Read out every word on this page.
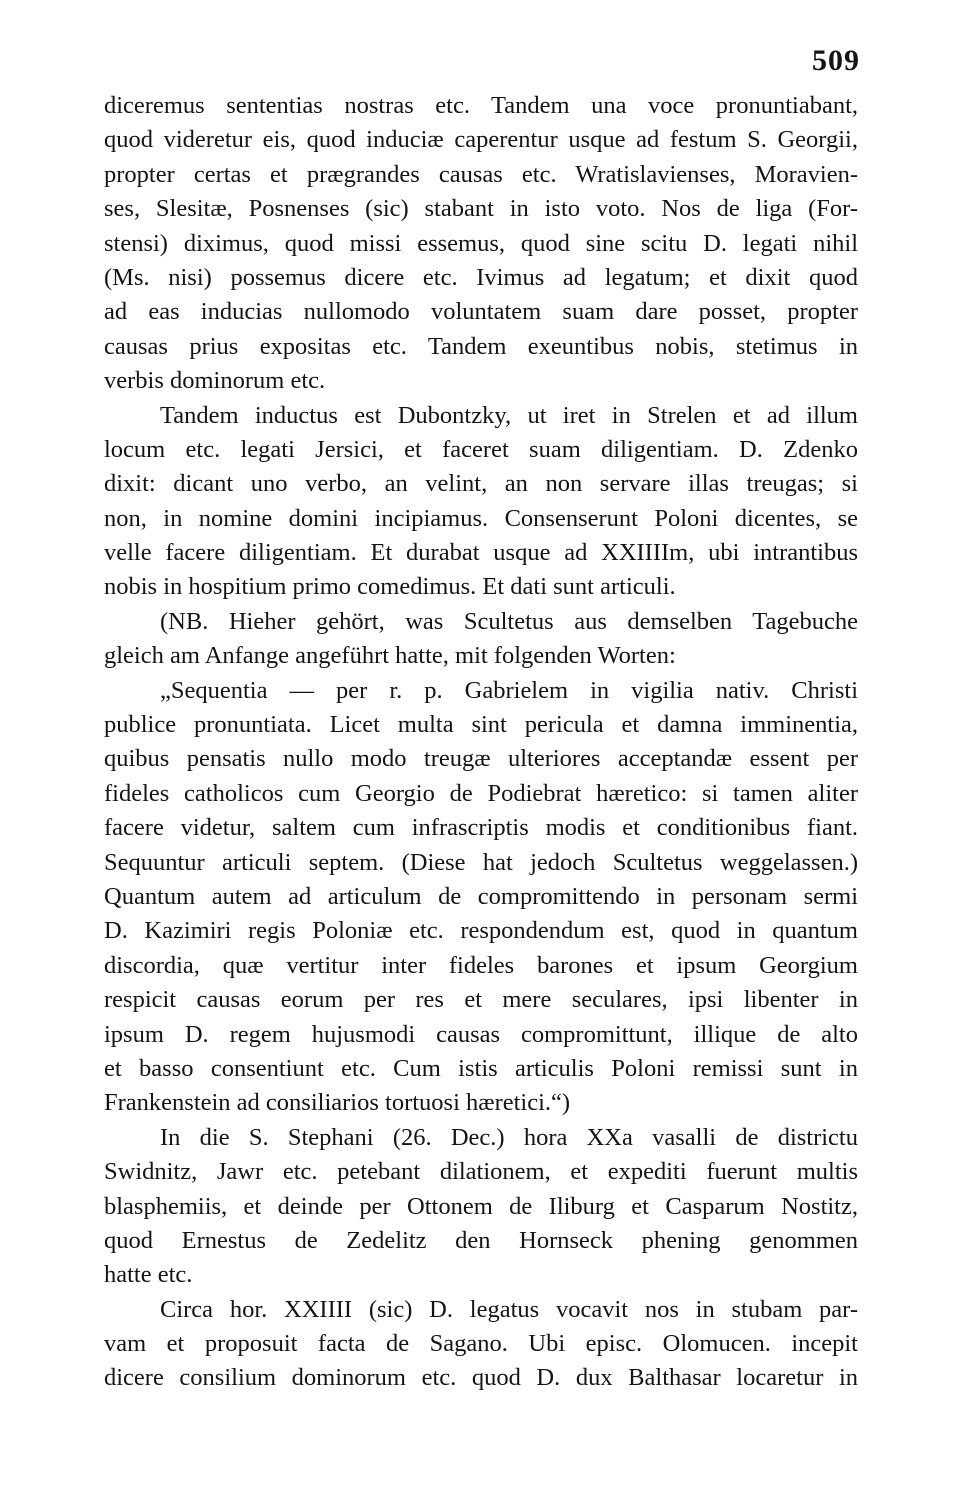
509
diceremus sententias nostras etc. Tandem una voce pronuntiabant,
quod videretur eis, quod induciæ caperentur usque ad festum S. Georgii,
propter certas et prægrandes causas etc. Wratislavienses, Moravien-
ses, Slesitæ, Posnenses (sic) stabant in isto voto. Nos de liga (For-
stensi) diximus, quod missi essemus, quod sine scitu D. legati nihil
(Ms. nisi) possemus dicere etc. Ivimus ad legatum; et dixit quod
ad eas inducias nullomodo voluntatem suam dare posset, propter
causas prius expositas etc. Tandem exeuntibus nobis, stetimus in
verbis dominorum etc.
Tandem inductus est Dubontzky, ut iret in Strelen et ad illum
locum etc. legati Jersici, et faceret suam diligentiam. D. Zdenko
dixit: dicant uno verbo, an velint, an non servare illas treugas; si
non, in nomine domini incipiamus. Consenserunt Poloni dicentes, se
velle facere diligentiam. Et durabat usque ad XXIIIIm, ubi intrantibus
nobis in hospitium primo comedimus. Et dati sunt articuli.
(NB. Hieher gehört, was Scultetus aus demselben Tagebuche
gleich am Anfange angeführt hatte, mit folgenden Worten:
„Sequentia — per r. p. Gabrielem in vigilia nativ. Christi
publice pronuntiata. Licet multa sint pericula et damna imminentia,
quibus pensatis nullo modo treugæ ulteriores acceptandæ essent per
fideles catholicos cum Georgio de Podiebrat hæretico: si tamen aliter
facere videtur, saltem cum infrascriptis modis et conditionibus fiant.
Sequuntur articuli septem. (Diese hat jedoch Scultetus weggelassen.)
Quantum autem ad articulum de compromittendo in personam sermi
D. Kazimiri regis Poloniæ etc. respondendum est, quod in quantum
discordia, quæ vertitur inter fideles barones et ipsum Georgium
respicit causas eorum per res et mere seculares, ipsi libenter in
ipsum D. regem hujusmodi causas compromittunt, illique de alto
et basso consentiunt etc. Cum istis articulis Poloni remissi sunt in
Frankenstein ad consiliarios tortuosi hæretici.“)
In die S. Stephani (26. Dec.) hora XXa vasalli de districtu
Swidnitz, Jawr etc. petebant dilationem, et expediti fuerunt multis
blasphemiis, et deinde per Ottonem de Iliburg et Casparum Nostitz,
quod Ernestus de Zedelitz den Hornseck phening genommen
hatte etc.
Circa hor. XXIIII (sic) D. legatus vocavit nos in stubam par-
vam et proposuit facta de Sagano. Ubi episc. Olomucen. incepit
dicere consilium dominorum etc. quod D. dux Balthasar locaretur in
